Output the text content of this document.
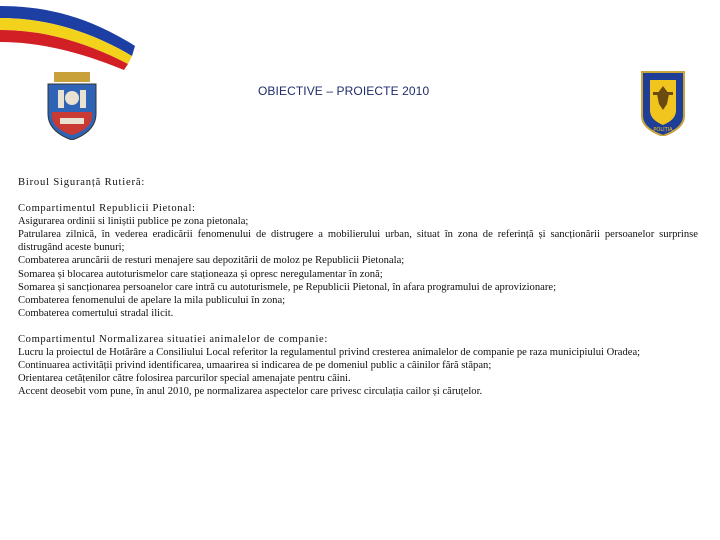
OBIECTIVE – PROIECTE 2010
POLIȚIA
Biroul Siguranță Rutieră:
Compartimentul Republicii Pietonal:
Asigurarea ordinii si liniștii publice pe zona pietonala;
Patrularea zilnică, în vederea eradicării fenomenului de distrugere a mobilierului urban, situat în zona de referință și sancționării persoanelor surprinse distrugând aceste bunuri;
Combaterea aruncării de resturi menajere sau depozitării de moloz pe Republicii Pietonala;
Somarea și blocarea autoturismelor care staționeaza și opresc neregulamentar în zonă;
Somarea și sancționarea persoanelor care intră cu autoturismele, pe Republicii Pietonal, în afara programului de aprovizionare;
Combaterea fenomenului de apelare la mila publicului în zona;
Combaterea comertului stradal ilicit.
Compartimentul Normalizarea situatiei animalelor de companie:
Lucru la proiectul de Hotărâre a Consiliului Local referitor la regulamentul privind cresterea animalelor de companie pe raza municipiului Oradea;
Continuarea activității privind identificarea, umaarirea si indicarea de pe domeniul public a câinilor fără stăpan;
Orientarea cetățenilor către folosirea parcurilor special amenajate pentru câini.
Accent deosebit vom pune, în anul 2010, pe normalizarea aspectelor care privesc circulația cailor și căruțelor.
